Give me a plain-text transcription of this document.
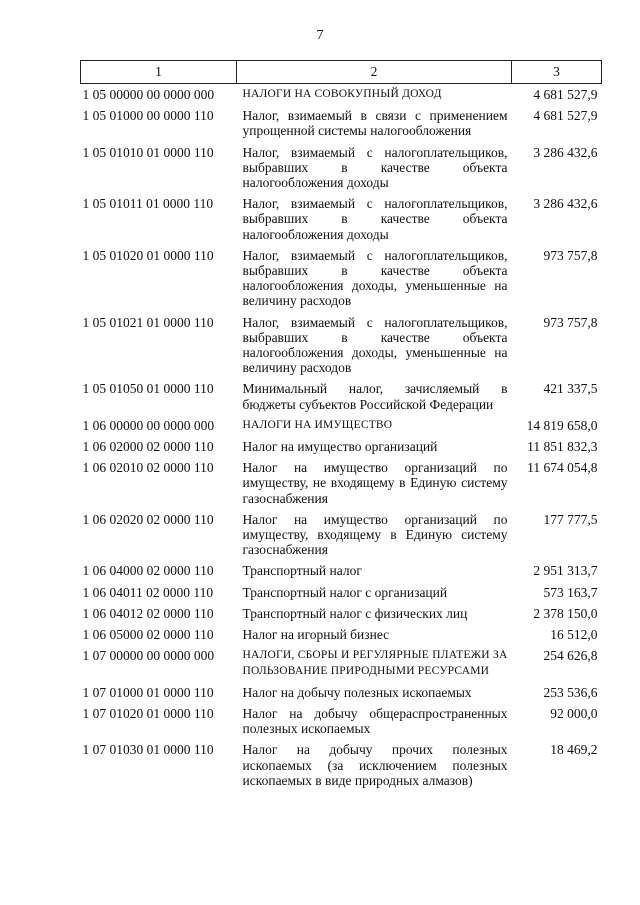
7
1	2	3
1 05 00000 00 0000 000	НАЛОГИ НА СОВОКУПНЫЙ ДОХОД	4 681 527,9
1 05 01000 00 0000 110	Налог, взимаемый в связи с применением упрощенной системы налогообложения	4 681 527,9
1 05 01010 01 0000 110	Налог, взимаемый с налогоплательщиков, выбравших в качестве объекта налогообложения доходы	3 286 432,6
1 05 01011 01 0000 110	Налог, взимаемый с налогоплательщиков, выбравших в качестве объекта налогообложения доходы	3 286 432,6
1 05 01020 01 0000 110	Налог, взимаемый с налогоплательщиков, выбравших в качестве объекта налогообложения доходы, уменьшенные на величину расходов	973 757,8
1 05 01021 01 0000 110	Налог, взимаемый с налогоплательщиков, выбравших в качестве объекта налогообложения доходы, уменьшенные на величину расходов	973 757,8
1 05 01050 01 0000 110	Минимальный налог, зачисляемый в бюджеты субъектов Российской Федерации	421 337,5
1 06 00000 00 0000 000	НАЛОГИ НА ИМУЩЕСТВО	14 819 658,0
1 06 02000 02 0000 110	Налог на имущество организаций	11 851 832,3
1 06 02010 02 0000 110	Налог на имущество организаций по имуществу, не входящему в Единую систему газоснабжения	11 674 054,8
1 06 02020 02 0000 110	Налог на имущество организаций по имуществу, входящему в Единую систему газоснабжения	177 777,5
1 06 04000 02 0000 110	Транспортный налог	2 951 313,7
1 06 04011 02 0000 110	Транспортный налог с организаций	573 163,7
1 06 04012 02 0000 110	Транспортный налог с физических лиц	2 378 150,0
1 06 05000 02 0000 110	Налог на игорный бизнес	16 512,0
1 07 00000 00 0000 000	НАЛОГИ, СБОРЫ И РЕГУЛЯРНЫЕ ПЛАТЕЖИ ЗА ПОЛЬЗОВАНИЕ ПРИРОДНЫМИ РЕСУРСАМИ	254 626,8
1 07 01000 01 0000 110	Налог на добычу полезных ископаемых	253 536,6
1 07 01020 01 0000 110	Налог на добычу общераспространенных полезных ископаемых	92 000,0
1 07 01030 01 0000 110	Налог на добычу прочих полезных ископаемых (за исключением полезных ископаемых в виде природных алмазов)	18 469,2
